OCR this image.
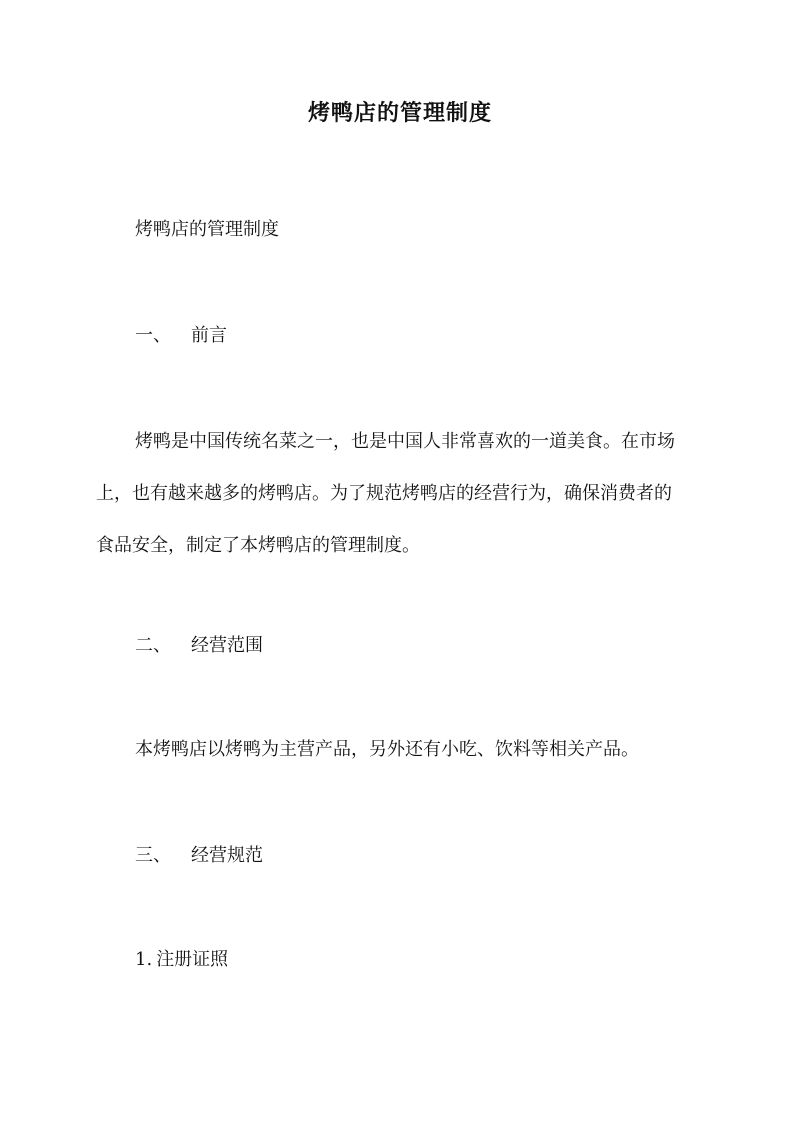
烤鸭店的管理制度
烤鸭店的管理制度
一、 前言
烤鸭是中国传统名菜之一，也是中国人非常喜欢的一道美食。在市场
上，也有越来越多的烤鸭店。为了规范烤鸭店的经营行为，确保消费者的
食品安全，制定了本烤鸭店的管理制度。
二、 经营范围
本烤鸭店以烤鸭为主营产品，另外还有小吃、饮料等相关产品。
三、 经营规范
1. 注册证照
